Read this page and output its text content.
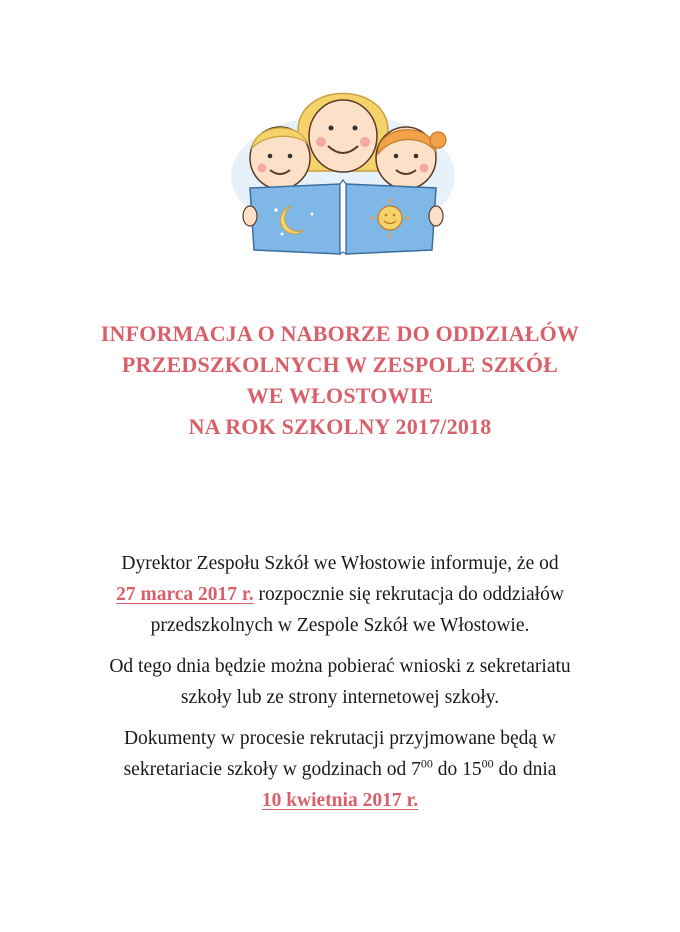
INFORMACJA O NABORZE DO ODDZIAŁÓW
PRZEDSZKOLNYCH W ZESPOLE SZKÓŁ
WE WŁOSTOWIE
NA ROK SZKOLNY 2017/2018

Dyrektor Zespołu Szkół we Włostowie informuje, że od
27 marca 2017 r. rozpocznie się rekrutacja do oddziałów
przedszkolnych w Zespole Szkół we Włostowie.

Od tego dnia będzie można pobierać wnioski z sekretariatu
szkoły lub ze strony internetowej szkoły.

Dokumenty w procesie rekrutacji przyjmowane będą w
sekretariacie szkoły w godzinach od $7^{00}$ do $15^{00}$ do dnia
10 kwietnia 2017 r.
